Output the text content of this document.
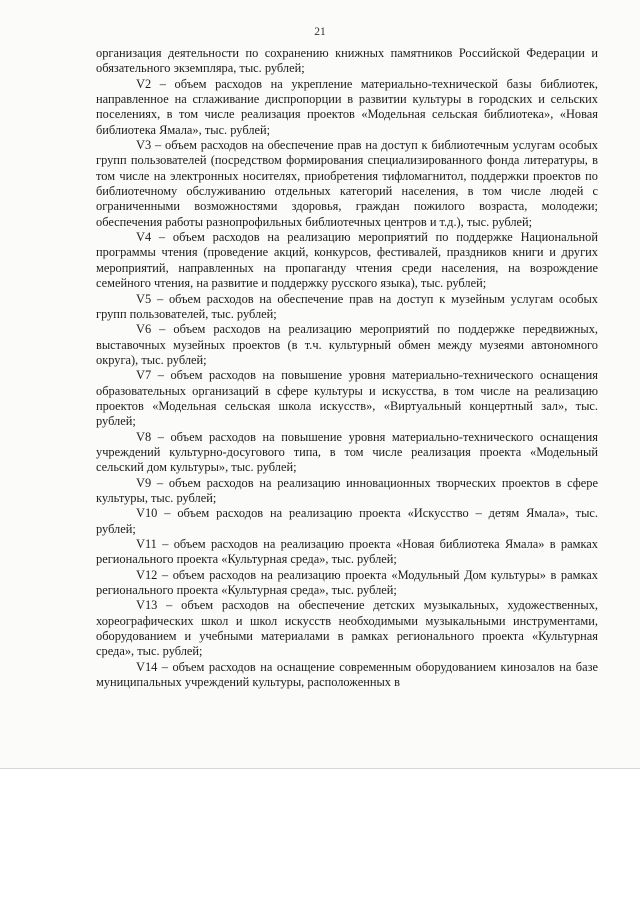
21

организация деятельности по сохранению книжных памятников Российской Федерации и обязательного экземпляра, тыс. рублей;

V2 – объем расходов на укрепление материально-технической базы библиотек, направленное на сглаживание диспропорции в развитии культуры в городских и сельских поселениях, в том числе реализация проектов «Модельная сельская библиотека», «Новая библиотека Ямала», тыс. рублей;

V3 – объем расходов на обеспечение прав на доступ к библиотечным услугам особых групп пользователей (посредством формирования специализированного фонда литературы, в том числе на электронных носителях, приобретения тифломагнитол, поддержки проектов по библиотечному обслуживанию отдельных категорий населения, в том числе людей с ограниченными возможностями здоровья, граждан пожилого возраста, молодежи; обеспечения работы разнопрофильных библиотечных центров и т.д.), тыс. рублей;

V4 – объем расходов на реализацию мероприятий по поддержке Национальной программы чтения (проведение акций, конкурсов, фестивалей, праздников книги и других мероприятий, направленных на пропаганду чтения среди населения, на возрождение семейного чтения, на развитие и поддержку русского языка), тыс. рублей;

V5 – объем расходов на обеспечение прав на доступ к музейным услугам особых групп пользователей, тыс. рублей;

V6 – объем расходов на реализацию мероприятий по поддержке передвижных, выставочных музейных проектов (в т.ч. культурный обмен между музеями автономного округа), тыс. рублей;

V7 – объем расходов на повышение уровня материально-технического оснащения образовательных организаций в сфере культуры и искусства, в том числе на реализацию проектов «Модельная сельская школа искусств», «Виртуальный концертный зал», тыс. рублей;

V8 – объем расходов на повышение уровня материально-технического оснащения учреждений культурно-досугового типа, в том числе реализация проекта «Модельный сельский дом культуры», тыс. рублей;

V9 – объем расходов на реализацию инновационных творческих проектов в сфере культуры, тыс. рублей;

V10 – объем расходов на реализацию проекта «Искусство – детям Ямала», тыс. рублей;

V11 – объем расходов на реализацию проекта «Новая библиотека Ямала» в рамках регионального проекта «Культурная среда», тыс. рублей;

V12 – объем расходов на реализацию проекта «Модульный Дом культуры» в рамках регионального проекта «Культурная среда», тыс. рублей;

V13 – объем расходов на обеспечение детских музыкальных, художественных, хореографических школ и школ искусств необходимыми музыкальными инструментами, оборудованием и учебными материалами в рамках регионального проекта «Культурная среда», тыс. рублей;

V14 – объем расходов на оснащение современным оборудованием кинозалов на базе муниципальных учреждений культуры, расположенных в
